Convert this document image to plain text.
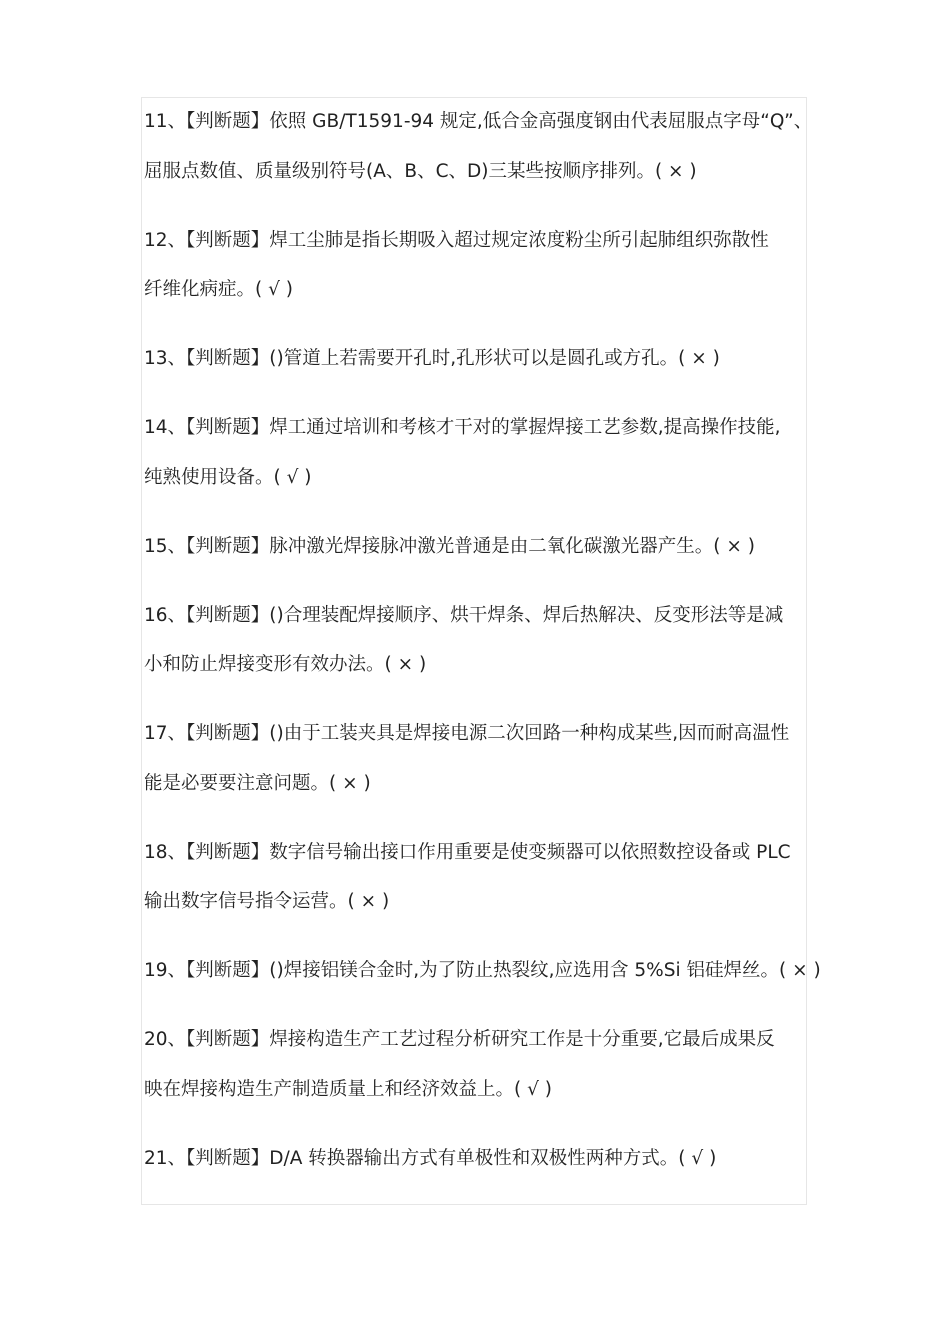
11、【判断题】依照 GB/T1591-94 规定,低合金高强度钢由代表屈服点字母“Q”、
屈服点数值、质量级别符号(A、B、C、D)三某些按顺序排列。( × )
12、【判断题】焊工尘肺是指长期吸入超过规定浓度粉尘所引起肺组织弥散性
纤维化病症。( √ )
13、【判断题】()管道上若需要开孔时,孔形状可以是圆孔或方孔。( × )
14、【判断题】焊工通过培训和考核才干对的掌握焊接工艺参数,提高操作技能,
纯熟使用设备。( √ )
15、【判断题】脉冲激光焊接脉冲激光普通是由二氧化碳激光器产生。( × )
16、【判断题】()合理装配焊接顺序、烘干焊条、焊后热解决、反变形法等是减
小和防止焊接变形有效办法。( × )
17、【判断题】()由于工装夹具是焊接电源二次回路一种构成某些,因而耐高温性
能是必要要注意问题。( × )
18、【判断题】数字信号输出接口作用重要是使变频器可以依照数控设备或 PLC
输出数字信号指令运营。( × )
19、【判断题】()焊接铝镁合金时,为了防止热裂纹,应选用含 5%Si 铝硅焊丝。( × )
20、【判断题】焊接构造生产工艺过程分析研究工作是十分重要,它最后成果反
映在焊接构造生产制造质量上和经济效益上。( √ )
21、【判断题】D/A 转换器输出方式有单极性和双极性两种方式。( √ )
